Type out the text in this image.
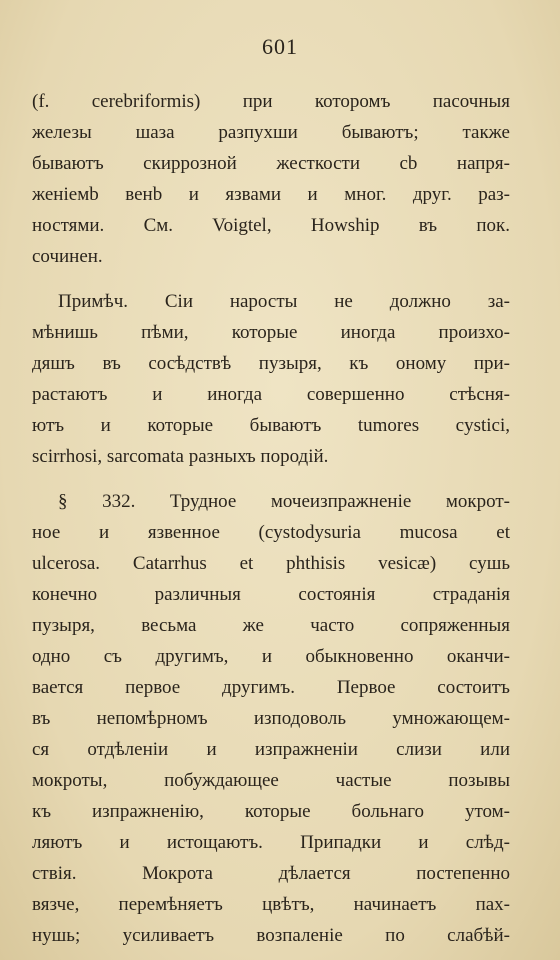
601
(f. cerebriformis) при которомъ пасочныя
железы шаза разпухши бываютъ; также
бываютъ скиррозной жесткости сb напря-
женіемb венb и язвами и мног. друг. раз-
ностями. См. Voigtel, Howship въ пок.
сочинен.
Примѣч. Сіи наросты не должно за-
мѣнишь пѣми, которые иногда произхо-
дяшъ въ сосѣдствѣ пузыря, къ оному при-
растаютъ и иногда совершенно стѣсня-
ютъ и которые бываютъ tumores cystici,
scirrhosi, sarcomata разныхъ породій.
§ 332. Трудное мочеизпражненіе мокрот-
ное и язвенное (cystodysuria mucosa et
ulcerosa. Catarrhus et phthisis vesicæ) сушь
конечно различныя состоянія страданія
пузыря, весьма же часто сопряженныя
одно съ другимъ, и обыкновенно оканчи-
вается первое другимъ. Первое состоитъ
въ непомѣрномъ изподоволь умножающем-
ся отдѣленіи и изпражненіи слизи или
мокроты, побуждающее частые позывы
къ изпражненію, которые больнаго утом-
ляютъ и истощаютъ. Припадки и слѣд-
ствія. Мокрота дѣлается постепенно
вязче, перемѣняетъ цвѣтъ, начинаетъ пах-
нушь; усиливаетъ возпаленіе по слабѣй-
